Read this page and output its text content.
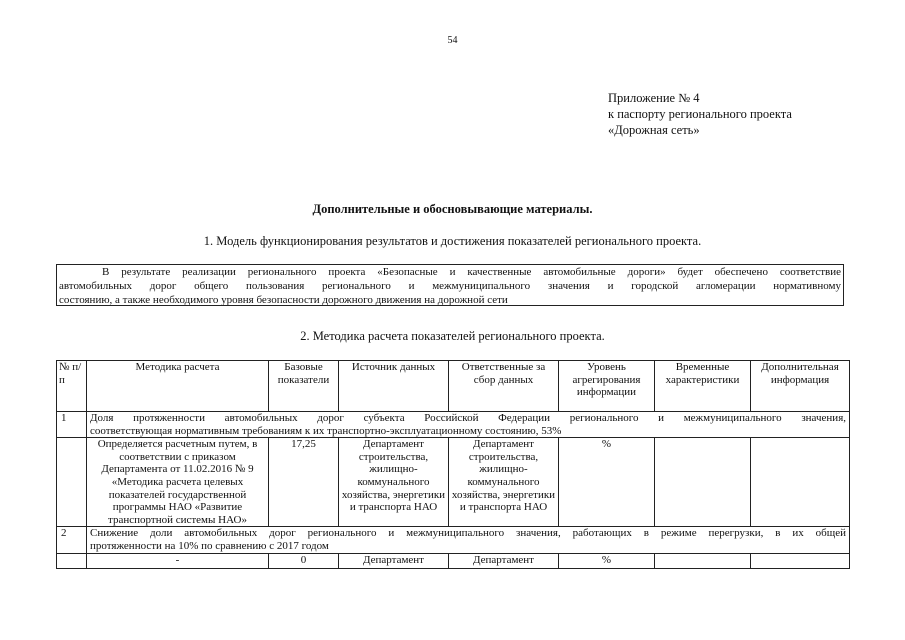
54
Приложение № 4
к паспорту регионального проекта
«Дорожная сеть»
Дополнительные и обосновывающие материалы.
1. Модель функционирования результатов и достижения показателей регионального проекта.
В результате реализации регионального проекта «Безопасные и качественные автомобильные дороги» будет обеспечено соответствие
автомобильных дорог общего пользования регионального и межмуниципального значения и городской агломерации нормативному
состоянию, а также необходимого уровня безопасности дорожного движения на дорожной сети
2. Методика расчета показателей регионального проекта.
№ п/п	Методика расчета	Базовые показатели	Источник данных	Ответственные за сбор данных	Уровень агрегирования информации	Временные характеристики	Дополнительная информация
1	Доля протяженности автомобильных дорог субъекта Российской Федерации регионального и межмуниципального значения,
соответствующая нормативным требованиям к их транспортно-эксплуатационному состоянию, 53%						

	Определяется расчетным путем, в соответствии с приказом Департамента от 11.02.2016 № 9 «Методика расчета целевых показателей государственной программы НАО «Развитие транспортной системы НАО»	17,25	Департамент строительства, жилищно-коммунального хозяйства, энергетики и транспорта НАО	Департамент строительства, жилищно-коммунального хозяйства, энергетики и транспорта НАО	%		
2	Снижение доли автомобильных дорог регионального и межмуниципального значения, работающих в режиме перегрузки, в их общей
протяженности на 10% по сравнению с 2017 годом						

	-	0	Департамент	Департамент	%		
